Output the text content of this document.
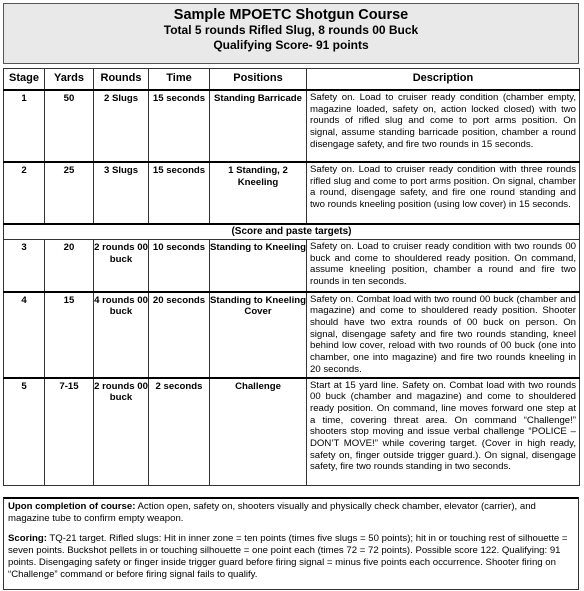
Sample MPOETC Shotgun Course
Total 5 rounds Rifled Slug, 8 rounds 00 Buck
Qualifying Score- 91 points
Stage	Yards	Rounds	Time	Positions	Description
1	50	2 Slugs	15 seconds	Standing Barricade	Safety on. Load to cruiser ready condition (chamber empty, magazine loaded, safety on, action locked closed) with two rounds of rifled slug and come to port arms position. On signal, assume standing barricade position, chamber a round disengage safety, and fire two rounds in 15 seconds.
2	25	3 Slugs	15 seconds	1 Standing, 2 Kneeling	Safety on. Load to cruiser ready condition with three rounds rifled slug and come to port arms position. On signal, chamber a round, disengage safety, and fire one round standing and two rounds kneeling position (using low cover) in 15 seconds.
(Score and paste targets)					
3	20	2 rounds 00 buck	10 seconds	Standing to Kneeling	Safety on. Load to cruiser ready condition with two rounds 00 buck and come to shouldered ready position. On command, assume kneeling position, chamber a round and fire two rounds in ten seconds.
4	15	4 rounds 00 buck	20 seconds	Standing to Kneeling Cover	Safety on. Combat load with two round 00 buck (chamber and magazine) and come to shouldered ready position. Shooter should have two extra rounds of 00 buck on person. On signal, disengage safety and fire two rounds standing, kneel behind low cover, reload with two rounds of 00 buck (one into chamber, one into magazine) and fire two rounds kneeling in 20 seconds.
5	7-15	2 rounds 00 buck	2 seconds	Challenge	Start at 15 yard line. Safety on. Combat load with two rounds 00 buck (chamber and magazine) and come to shouldered ready position. On command, line moves forward one step at a time, covering threat area. On command “Challenge!” shooters stop moving and issue verbal challenge “POLICE – DON’T MOVE!” while covering target. (Cover in high ready, safety on, finger outside trigger guard.). On signal, disengage safety, fire two rounds standing in two seconds.

Upon completion of course: Action open, safety on, shooters visually and physically check chamber, elevator (carrier), and magazine tube to confirm empty weapon.

Scoring: TQ-21 target. Rifled slugs: Hit in inner zone = ten points (times five slugs = 50 points); hit in or touching rest of silhouette = seven points. Buckshot pellets in or touching silhouette = one point each (times 72 = 72 points). Possible score 122. Qualifying: 91 points. Disengaging safety or finger inside trigger guard before firing signal = minus five points each occurrence. Shooter firing on “Challenge” command or before firing signal fails to qualify.
